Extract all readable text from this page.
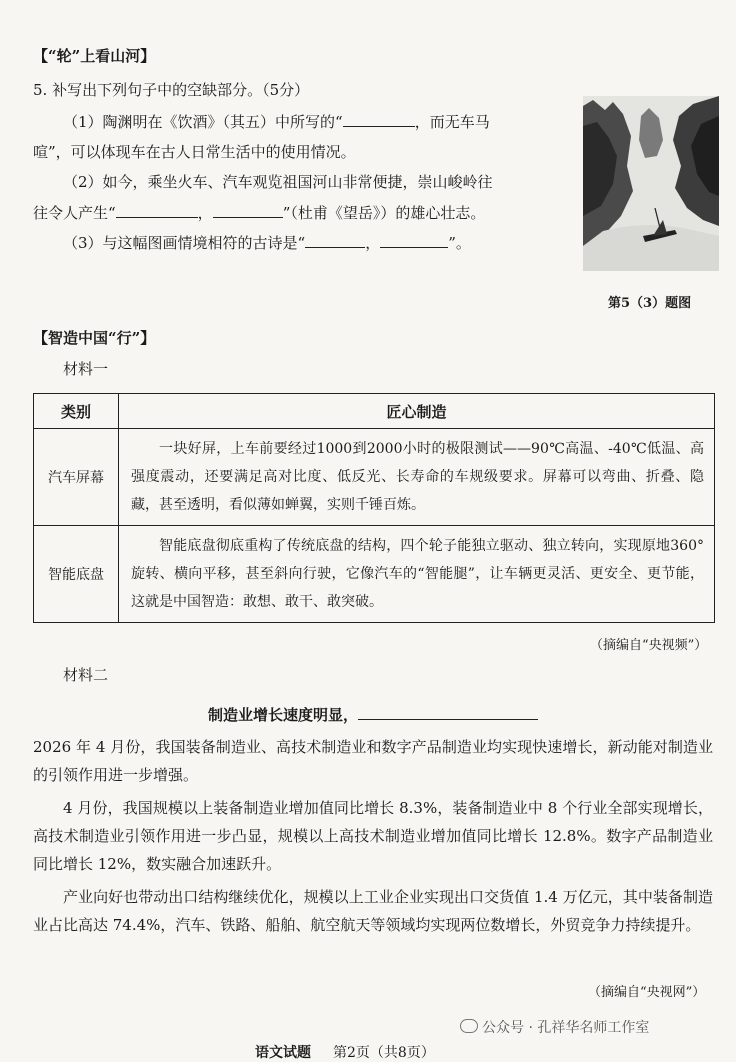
【“轮”上看山河】
5. 补写出下列句子中的空缺部分。（5分）
（1）陶渊明在《饮酒》（其五）中所写的“	，而无车马
喧”，可以体现车在古人日常生活中的使用情况。
（2）如今，乘坐火车、汽车观览祖国河山非常便捷，崇山峻岭往
往令人产生“	，	”（杜甫《望岳》）的雄心壮志。
（3）与这幅图画情境相符的古诗是“	，	”。
第5（3）题图
【智造中国“行”】
材料一
类别	匠心制造
汽车屏幕	一块好屏，上车前要经过1000到2000小时的极限测试——90℃高温、-40℃低温、高强度震动，还要满足高对比度、低反光、长寿命的车规级要求。屏幕可以弯曲、折叠、隐藏，甚至透明，看似薄如蝉翼，实则千锤百炼。
智能底盘	智能底盘彻底重构了传统底盘的结构，四个轮子能独立驱动、独立转向，实现原地360°旋转、横向平移，甚至斜向行驶，它像汽车的“智能腿”，让车辆更灵活、更安全、更节能，这就是中国智造：敢想、敢干、敢突破。
（摘编自“央视频”）
材料二
制造业增长速度明显，
2026 年 4 月份，我国装备制造业、高技术制造业和数字产品制造业均实现快速增长，新动能对制造业的引领作用进一步增强。
4 月份，我国规模以上装备制造业增加值同比增长 8.3%，装备制造业中 8 个行业全部实现增长，高技术制造业引领作用进一步凸显，规模以上高技术制造业增加值同比增长 12.8%。数字产品制造业同比增长 12%，数实融合加速跃升。
产业向好也带动出口结构继续优化，规模以上工业企业实现出口交货值 1.4 万亿元，其中装备制造业占比高达 74.4%，汽车、铁路、船舶、航空航天等领域均实现两位数增长，外贸竞争力持续提升。
（摘编自“央视网”）
公众号 · 孔祥华名师工作室
语文试题 第2页（共8页）
